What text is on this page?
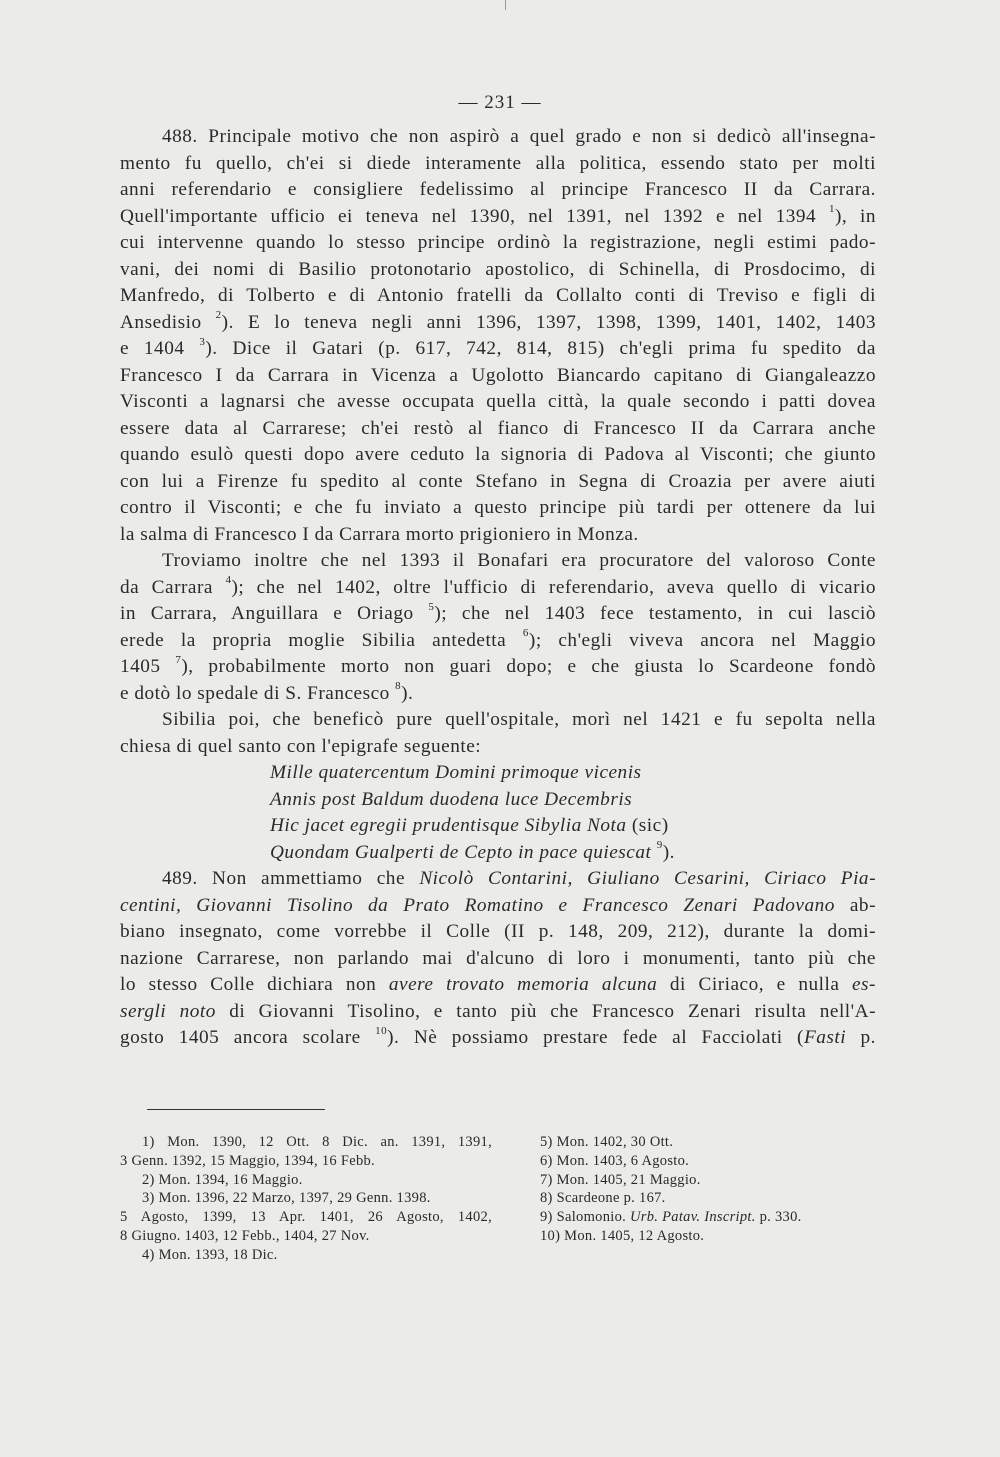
— 231 —
488. Principale motivo che non aspirò a quel grado e non si dedicò all'insegna-
mento fu quello, ch'ei si diede interamente alla politica, essendo stato per molti
anni referendario e consigliere fedelissimo al principe Francesco II da Carrara.
Quell'importante ufficio ei teneva nel 1390, nel 1391, nel 1392 e nel 1394 $^1$), in
cui intervenne quando lo stesso principe ordinò la registrazione, negli estimi pado-
vani, dei nomi di Basilio protonotario apostolico, di Schinella, di Prosdocimo, di
Manfredo, di Tolberto e di Antonio fratelli da Collalto conti di Treviso e figli di
Ansedisio $^2$). E lo teneva negli anni 1396, 1397, 1398, 1399, 1401, 1402, 1403
e 1404 $^3$). Dice il Gatari (p. 617, 742, 814, 815) ch'egli prima fu spedito da
Francesco I da Carrara in Vicenza a Ugolotto Biancardo capitano di Giangaleazzo
Visconti a lagnarsi che avesse occupata quella città, la quale secondo i patti dovea
essere data al Carrarese; ch'ei restò al fianco di Francesco II da Carrara anche
quando esulò questi dopo avere ceduto la signoria di Padova al Visconti; che giunto
con lui a Firenze fu spedito al conte Stefano in Segna di Croazia per avere aiuti
contro il Visconti; e che fu inviato a questo principe più tardi per ottenere da lui
la salma di Francesco I da Carrara morto prigioniero in Monza.
Troviamo inoltre che nel 1393 il Bonafari era procuratore del valoroso Conte
da Carrara $^4$); che nel 1402, oltre l'ufficio di referendario, aveva quello di vicario
in Carrara, Anguillara e Oriago $^5$); che nel 1403 fece testamento, in cui lasciò
erede la propria moglie Sibilia antedetta $^6$); ch'egli viveva ancora nel Maggio
1405 $^7$), probabilmente morto non guari dopo; e che giusta lo Scardeone fondò
e dotò lo spedale di S. Francesco $^8$).
Sibilia poi, che beneficò pure quell'ospitale, morì nel 1421 e fu sepolta nella
chiesa di quel santo con l'epigrafe seguente:
Mille quatercentum Domini primoque vicenis
Annis post Baldum duodena luce Decembris
Hic jacet egregii prudentisque Sibylia Nota (sic)
Quondam Gualperti de Cepto in pace quiescat $^9$).
489. Non ammettiamo che Nicolò Contarini, Giuliano Cesarini, Ciriaco Pia-
centini, Giovanni Tisolino da Prato Romatino e Francesco Zenari Padovano ab-
biano insegnato, come vorrebbe il Colle (II p. 148, 209, 212), durante la domi-
nazione Carrarese, non parlando mai d'alcuno di loro i monumenti, tanto più che
lo stesso Colle dichiara non avere trovato memoria alcuna di Ciriaco, e nulla es-
sergli noto di Giovanni Tisolino, e tanto più che Francesco Zenari risulta nell'A-
gosto 1405 ancora scolare $^{10}$). Nè possiamo prestare fede al Facciolati (Fasti p.
1) Mon. 1390, 12 Ott. 8 Dic. an. 1391, 1391,
3 Genn. 1392, 15 Maggio, 1394, 16 Febb.
2) Mon. 1394, 16 Maggio.
3) Mon. 1396, 22 Marzo, 1397, 29 Genn. 1398.
5 Agosto, 1399, 13 Apr. 1401, 26 Agosto, 1402,
8 Giugno. 1403, 12 Febb., 1404, 27 Nov.
4) Mon. 1393, 18 Dic.
5) Mon. 1402, 30 Ott.
6) Mon. 1403, 6 Agosto.
7) Mon. 1405, 21 Maggio.
8) Scardeone p. 167.
9) Salomonio. Urb. Patav. Inscript. p. 330.
10) Mon. 1405, 12 Agosto.
